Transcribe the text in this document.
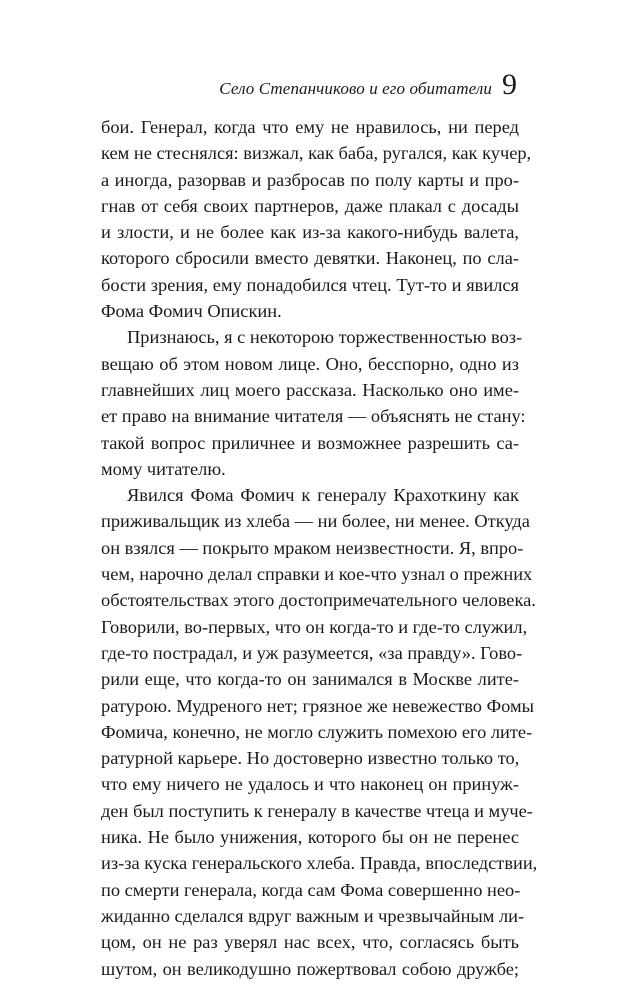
Село Степанчиково и его обитатели 9
бои. Генерал, когда что ему не нравилось, ни перед
кем не стеснялся: визжал, как баба, ругался, как кучер,
а иногда, разорвав и разбросав по полу карты и про-
гнав от себя своих партнеров, даже плакал с досады
и злости, и не более как из-за какого-нибудь валета,
которого сбросили вместо девятки. Наконец, по сла-
бости зрения, ему понадобился чтец. Тут-то и явился
Фома Фомич Опискин.
Признаюсь, я с некоторою торжественностью воз-
вещаю об этом новом лице. Оно, бесспорно, одно из
главнейших лиц моего рассказа. Насколько оно име-
ет право на внимание читателя — объяснять не стану:
такой вопрос приличнее и возможнее разрешить са-
мому читателю.
Явился Фома Фомич к генералу Крахоткину как
приживальщик из хлеба — ни более, ни менее. Откуда
он взялся — покрыто мраком неизвестности. Я, впро-
чем, нарочно делал справки и кое-что узнал о прежних
обстоятельствах этого достопримечательного человека.
Говорили, во-первых, что он когда-то и где-то служил,
где-то пострадал, и уж разумеется, «за правду». Гово-
рили еще, что когда-то он занимался в Москве лите-
ратурою. Мудреного нет; грязное же невежество Фомы
Фомича, конечно, не могло служить помехою его лите-
ратурной карьере. Но достоверно известно только то,
что ему ничего не удалось и что наконец он принуж-
ден был поступить к генералу в качестве чтеца и муче-
ника. Не было унижения, которого бы он не перенес
из-за куска генеральского хлеба. Правда, впоследствии,
по смерти генерала, когда сам Фома совершенно нео-
жиданно сделался вдруг важным и чрезвычайным ли-
цом, он не раз уверял нас всех, что, согласясь быть
шутом, он великодушно пожертвовал собою дружбе;
